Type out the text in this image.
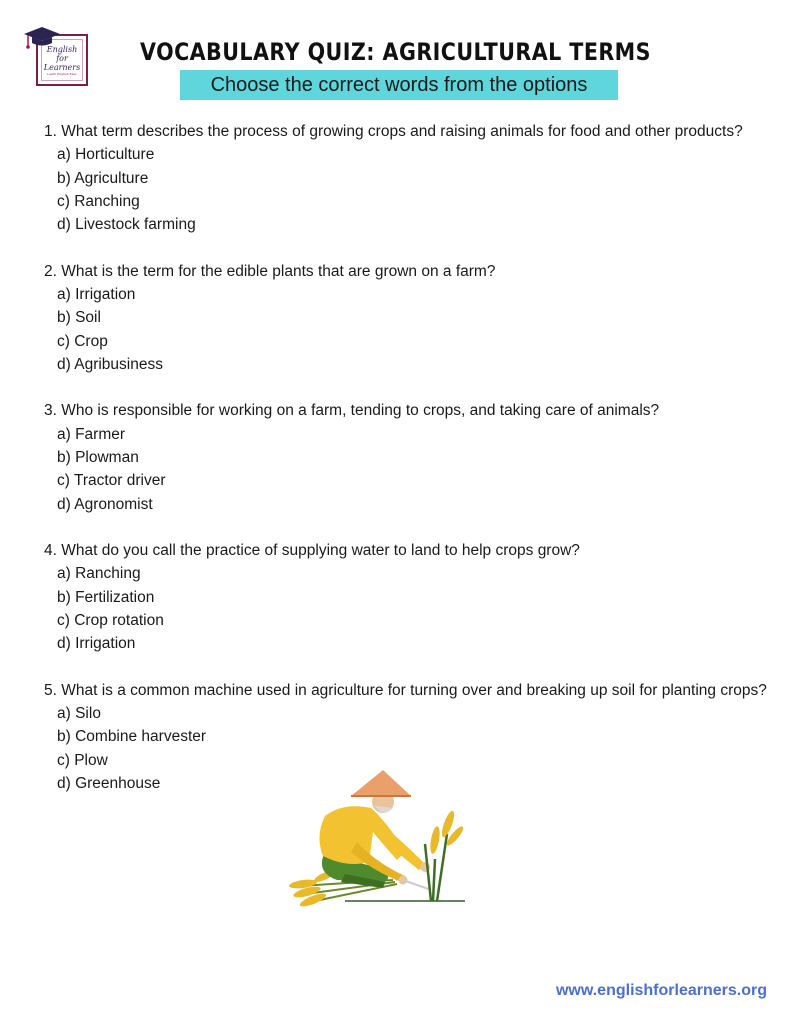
English
for
Learners
Learn English Easy
VOCABULARY QUIZ: AGRICULTURAL TERMS
Choose the correct words from the options
1. What term describes the process of growing crops and raising animals for food and other products?
a) Horticulture
b) Agriculture
c) Ranching
d) Livestock farming
2. What is the term for the edible plants that are grown on a farm?
a) Irrigation
b) Soil
c) Crop
d) Agribusiness
3. Who is responsible for working on a farm, tending to crops, and taking care of animals?
a) Farmer
b) Plowman
c) Tractor driver
d) Agronomist
4. What do you call the practice of supplying water to land to help crops grow?
a) Ranching
b) Fertilization
c) Crop rotation
d) Irrigation
5. What is a common machine used in agriculture for turning over and breaking up soil for planting crops?
a) Silo
b) Combine harvester
c) Plow
d) Greenhouse
www.englishforlearners.org
